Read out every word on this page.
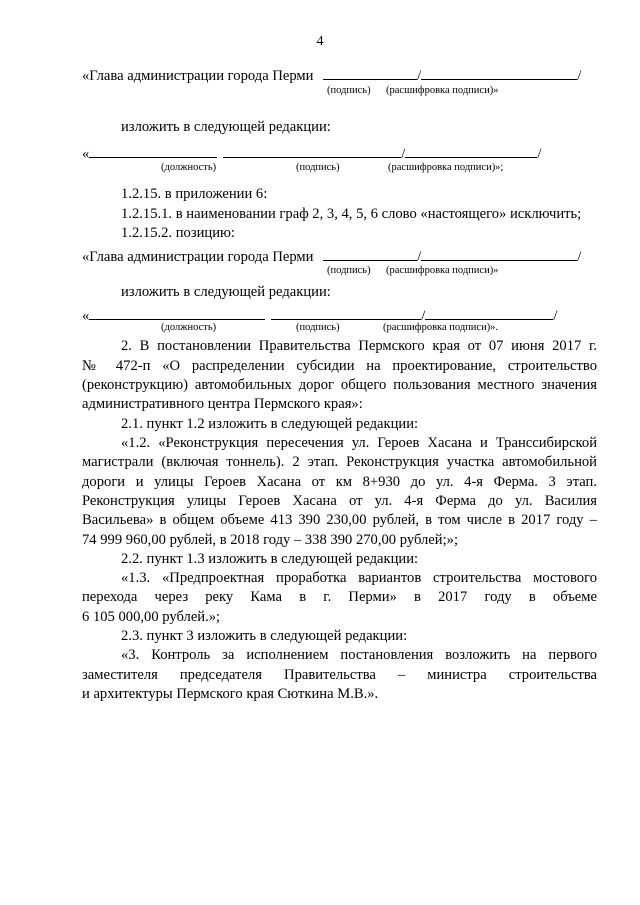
4
«Глава администрации города Перми	/	/
(подпись) (расшифровка подписи)»
изложить в следующей редакции:
«	/	/
(должность)	(подпись)	(расшифровка подписи)»;
1.2.15. в приложении 6:
1.2.15.1. в наименовании граф 2, 3, 4, 5, 6 слово «настоящего» исключить;
1.2.15.2. позицию:
«Глава администрации города Перми	/	/
(подпись) (расшифровка подписи)»
изложить в следующей редакции:
«	/	/
(должность)	(подпись)	(расшифровка подписи)».
2. В постановлении Правительства Пермского края от 07 июня 2017 г.
№ 472-п «О распределении субсидии на проектирование, строительство
(реконструкцию) автомобильных дорог общего пользования местного значения
административного центра Пермского края»:
2.1. пункт 1.2 изложить в следующей редакции:
«1.2. «Реконструкция пересечения ул. Героев Хасана и Транссибирской
магистрали (включая тоннель). 2 этап. Реконструкция участка автомобильной
дороги и улицы Героев Хасана от км 8+930 до ул. 4-я Ферма. 3 этап.
Реконструкция улицы Героев Хасана от ул. 4-я Ферма до ул. Василия
Васильева» в общем объеме 413 390 230,00 рублей, в том числе в 2017 году –
74 999 960,00 рублей, в 2018 году – 338 390 270,00 рублей;»;
2.2. пункт 1.3 изложить в следующей редакции:
«1.3. «Предпроектная проработка вариантов строительства мостового
перехода через реку Кама в г. Перми» в 2017 году в объеме
6 105 000,00 рублей.»;
2.3. пункт 3 изложить в следующей редакции:
«3. Контроль за исполнением постановления возложить на первого
заместителя председателя Правительства – министра строительства
и архитектуры Пермского края Сюткина М.В.».
